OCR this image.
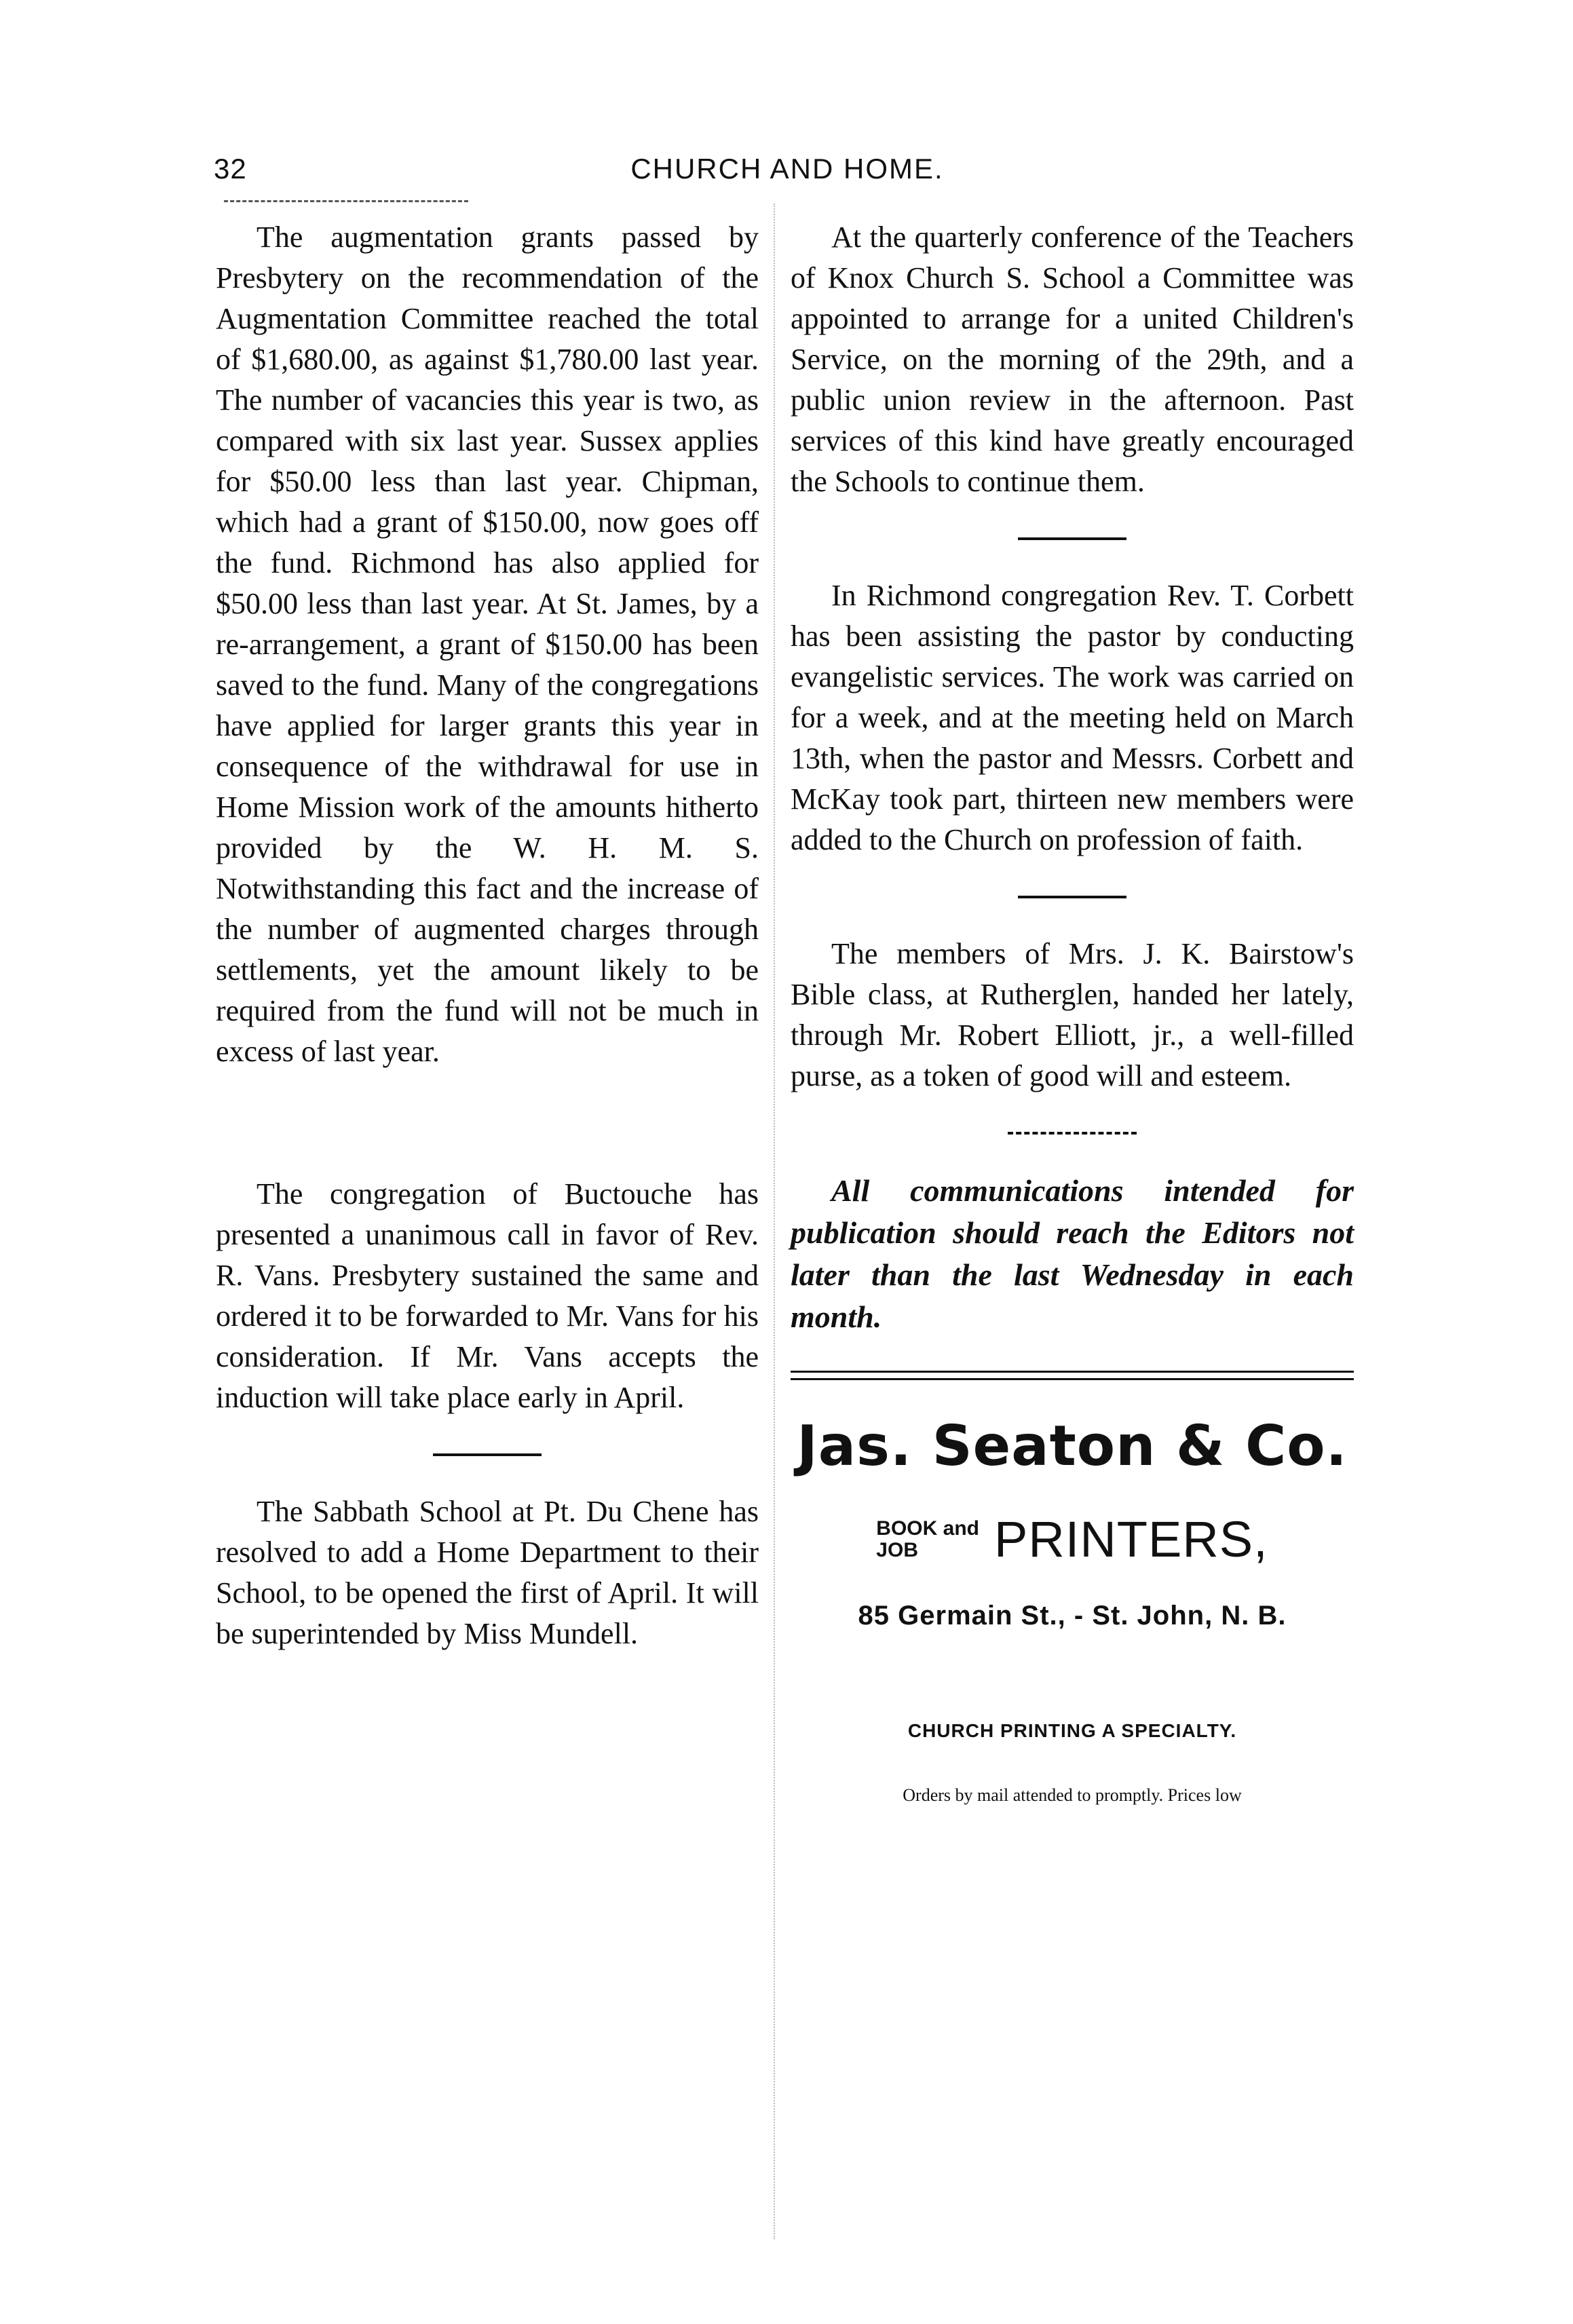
32	CHURCH AND HOME.

The augmentation grants passed by Presbytery on the recommendation of the Augmentation Committee reached the total of $1,680.00, as against $1,780.00 last year. The number of vacancies this year is two, as compared with six last year. Sussex applies for $50.00 less than last year. Chipman, which had a grant of $150.00, now goes off the fund. Richmond has also applied for $50.00 less than last year. At St. James, by a re-arrangement, a grant of $150.00 has been saved to the fund. Many of the congregations have applied for larger grants this year in consequence of the withdrawal for use in Home Mission work of the amounts hitherto provided by the W. H. M. S. Notwithstanding this fact and the increase of the number of augmented charges through settlements, yet the amount likely to be required from the fund will not be much in excess of last year.

The congregation of Buctouche has presented a unanimous call in favor of Rev. R. Vans. Presbytery sustained the same and ordered it to be forwarded to Mr. Vans for his consideration. If Mr. Vans accepts the induction will take place early in April.

The Sabbath School at Pt. Du Chene has resolved to add a Home Department to their School, to be opened the first of April. It will be superintended by Miss Mundell.

At the quarterly conference of the Teachers of Knox Church S. School a Committee was appointed to arrange for a united Children's Service, on the morning of the 29th, and a public union review in the afternoon. Past services of this kind have greatly encouraged the Schools to continue them.

In Richmond congregation Rev. T. Corbett has been assisting the pastor by conducting evangelistic services. The work was carried on for a week, and at the meeting held on March 13th, when the pastor and Messrs. Corbett and McKay took part, thirteen new members were added to the Church on profession of faith.

The members of Mrs. J. K. Bairstow's Bible class, at Rutherglen, handed her lately, through Mr. Robert Elliott, jr., a well-filled purse, as a token of good will and esteem.

All communications intended for publication should reach the Editors not later than the last Wednesday in each month.

Jas. Seaton & Co.
BOOK and
JOB	PRINTERS,
85 Germain St., - St. John, N. B.
CHURCH PRINTING A SPECIALTY.
Orders by mail attended to promptly. Prices low
